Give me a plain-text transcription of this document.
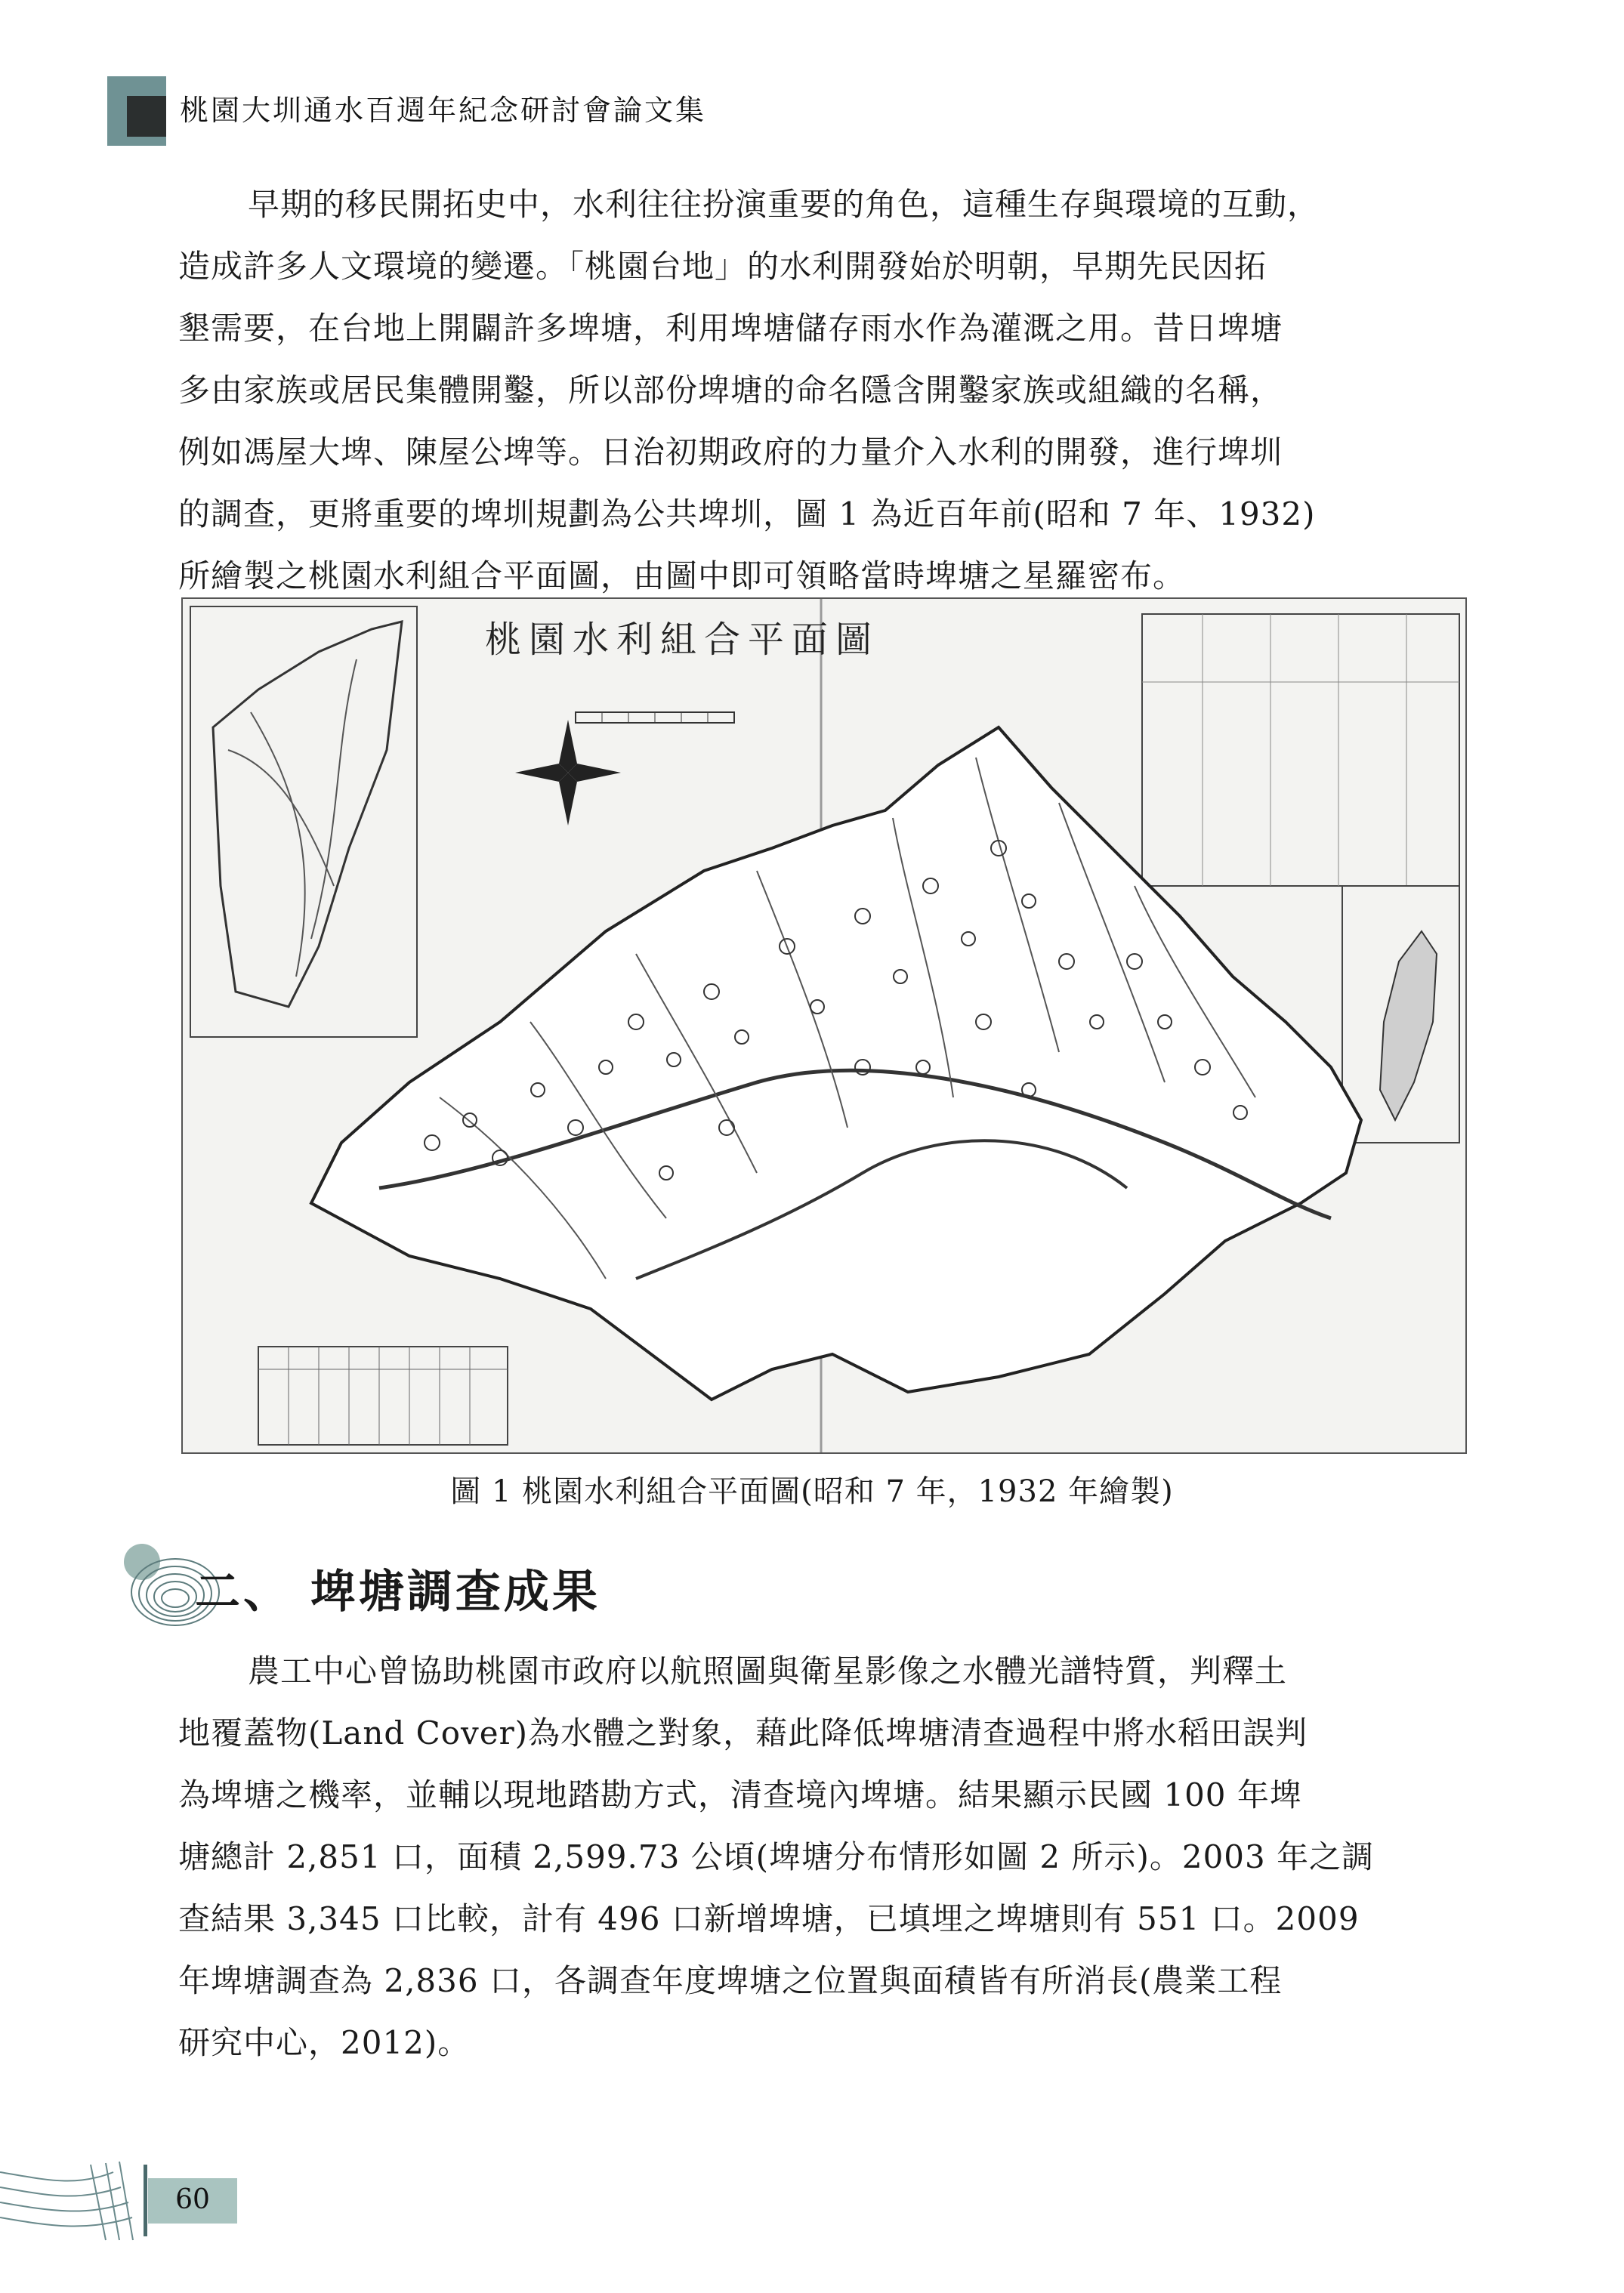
桃園大圳通水百週年紀念研討會論文集
早期的移民開拓史中，水利往往扮演重要的角色，這種生存與環境的互動，
造成許多人文環境的變遷。「桃園台地」的水利開發始於明朝，早期先民因拓
墾需要，在台地上開闢許多埤塘，利用埤塘儲存雨水作為灌溉之用。昔日埤塘
多由家族或居民集體開鑿，所以部份埤塘的命名隱含開鑿家族或組織的名稱，
例如馮屋大埤、陳屋公埤等。日治初期政府的力量介入水利的開發，進行埤圳
的調查，更將重要的埤圳規劃為公共埤圳，圖 1 為近百年前(昭和 7 年、1932)
所繪製之桃園水利組合平面圖，由圖中即可領略當時埤塘之星羅密布。
桃園水利組合平面圖
圖 1 桃園水利組合平面圖(昭和 7 年，1932 年繪製)
二、 埤塘調查成果
農工中心曾協助桃園市政府以航照圖與衛星影像之水體光譜特質，判釋土
地覆蓋物(Land Cover)為水體之對象，藉此降低埤塘清查過程中將水稻田誤判
為埤塘之機率，並輔以現地踏勘方式，清查境內埤塘。結果顯示民國 100 年埤
塘總計 2,851 口，面積 2,599.73 公頃(埤塘分布情形如圖 2 所示)。2003 年之調
查結果 3,345 口比較，計有 496 口新增埤塘，已填埋之埤塘則有 551 口。2009
年埤塘調查為 2,836 口，各調查年度埤塘之位置與面積皆有所消長(農業工程
研究中心，2012)。
60
